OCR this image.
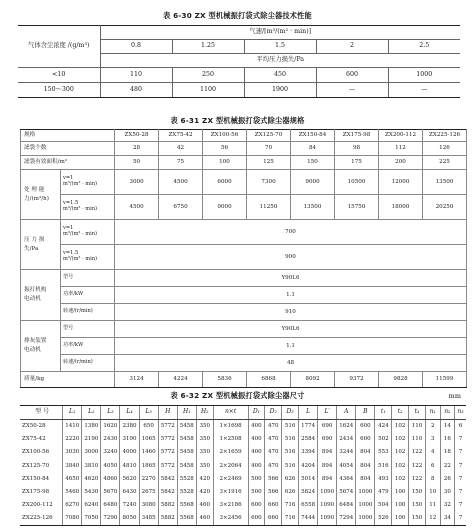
表 6-30 ZX 型机械振打袋式除尘器技术性能
气体含尘浓度 /(g/m³)	气速/[m³/(m² · min)]				
	0.8	1.25	1.5	2	2.5
	平均压力损失/Pa				
<10	110	250	450	600	1000
150～300	480	1100	1900	—	—
表 6-31 ZX 型机械振打袋式除尘器规格
规格		ZX50-28	ZX75-42	ZX100-56	ZX125-70	ZX150-84	ZX175-98	ZX200-112	ZX225-126
滤袋个数		28	42	56	70	84	98	112	126
滤袋有效面积/m²		50	75	100	125	150	175	200	225
处 理 能
力/(m³/h)	v=1
m³/(m² · min)	3000	4500	6000	7300	9000	10500	12000	13500
	v=1.5
m³/(m² · min)	4500	6750	9000	11250	13500	15750	18000	20250
压 力 损
失/Pa	v=1
m³/(m² · min)	700							
	v=1.5
m³/(m² · min)	900							
振打机构
电动机	型号	Y90L6							
	功率/kW	1.1							
	转速/(r/min)	910							
排灰装置
电动机	型号	Y90L6							
	功率/kW	1.1							
	转速/(r/min)	48							
质量/kg		3124	4224	5836	6868	8092	9372	9828	11599
表 6-32 ZX 型机械振打袋式除尘器尺寸	mm
型 号	L₁	L₂	L₃	L₄	L₅	H	H₁	H₂	n×t	D₁	D₂	D₃	L	L′	A	B	t₁	t₂	t₃	n₁	n₂	n₃
ZX50-28	1410	1380	1620	2380	650	5772	5458	350	1×1698	400	470	516	1774	690	1624	600	424	102	110	2	14	6
ZX75-42	2220	2190	2430	3190	1065	5772	5458	350	1×2508	400	470	516	2584	690	2434	600	502	102	110	3	16	7
ZX100-56	3030	3000	3240	4000	1460	5772	5458	350	2×1659	400	470	516	3394	894	3244	804	553	102	122	4	18	7
ZX125-70	3840	3810	4050	4810	1865	5772	5458	350	2×2064	400	470	516	4204	894	4054	804	516	102	122	6	22	7
ZX150-84	4650	4620	4860	5620	2270	5842	5528	420	2×2469	500	566	626	5014	894	4364	804	493	102	122	8	26	7
ZX175-98	5460	5430	5670	6430	2675	5842	5528	420	3×1916	500	566	626	5824	1090	5674	1000	479	100	150	10	30	7
ZX200-112	6270	6240	6480	7240	3080	5882	5568	460	3×2186	600	660	716	6558	1090	6484	1000	504	100	150	11	32	7
ZX225-126	7080	7050	7290	8050	3485	5882	5568	460	3×2456	600	660	716	7444	1090	7294	1000	526	100	150	12	34	7
